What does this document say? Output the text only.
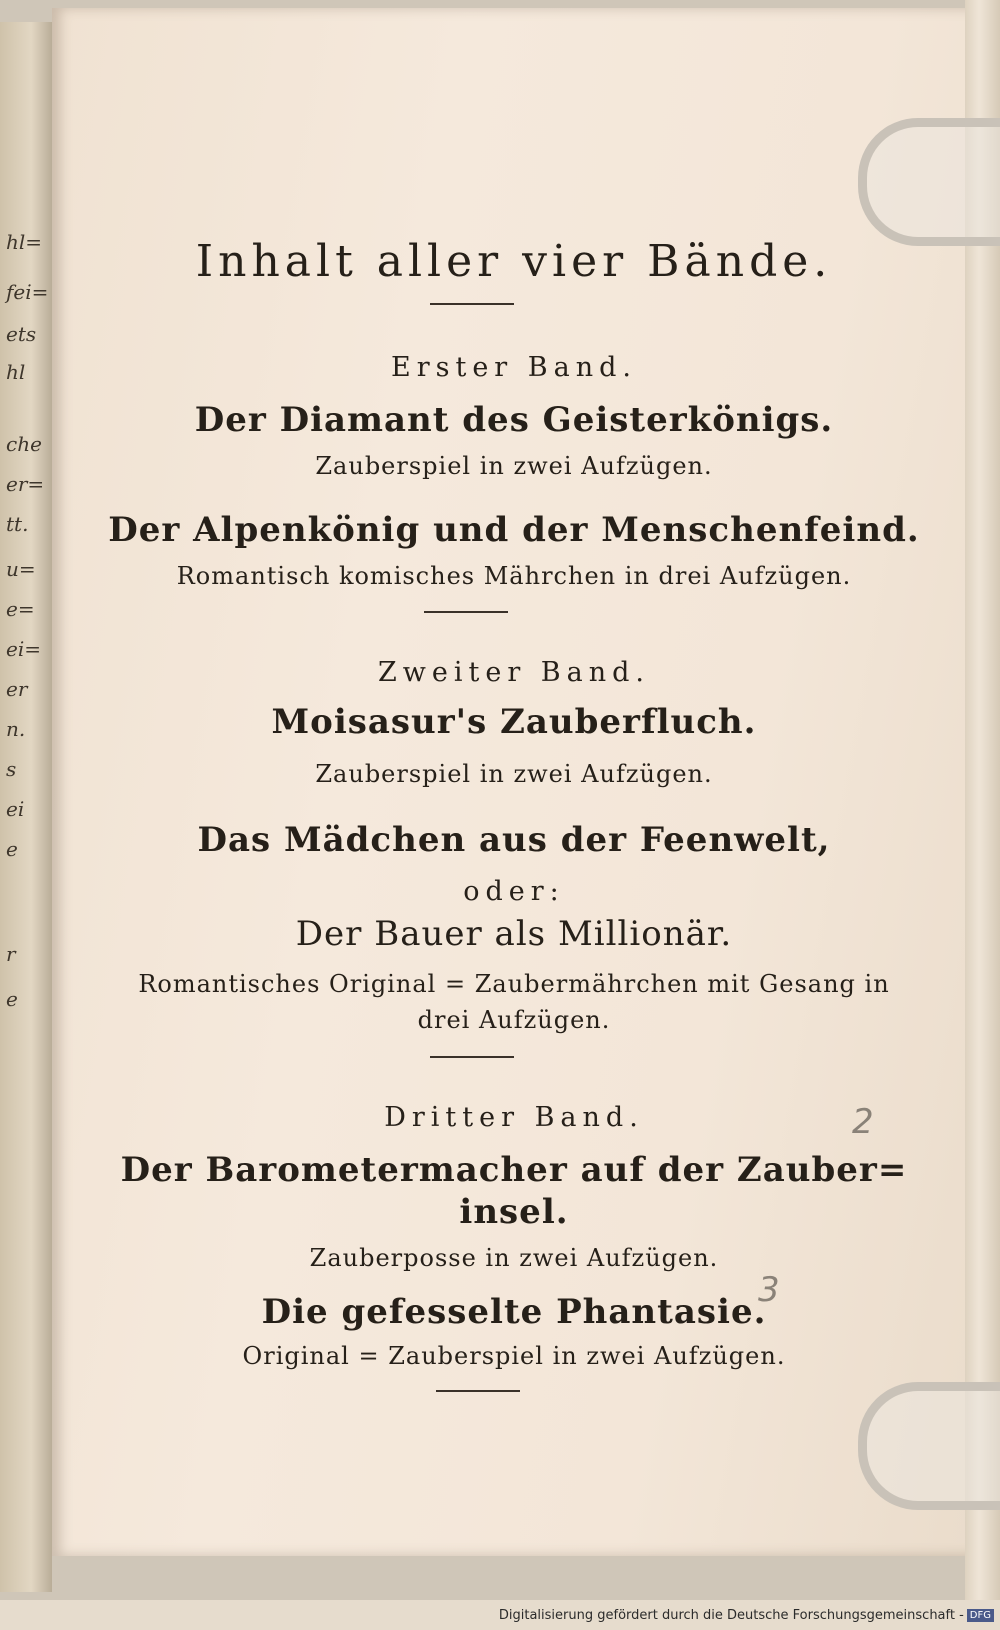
hl=
fei=
ets
hl
che
er=
tt.
u=
e=
ei=
er
n.
s
ei
e
r
e
Inhalt aller vier Bände.
Erster Band.
Der Diamant des Geisterkönigs.
Zauberspiel in zwei Aufzügen.
Der Alpenkönig und der Menschenfeind.
Romantisch komisches Mährchen in drei Aufzügen.
Zweiter Band.
Moisasur's Zauberfluch.
Zauberspiel in zwei Aufzügen.
Das Mädchen aus der Feenwelt,
oder:
Der Bauer als Millionär.
Romantisches Original = Zaubermährchen mit Gesang in
drei Aufzügen.
Dritter Band.
Der Barometermacher auf der Zauber=
insel.
Zauberposse in zwei Aufzügen.
Die gefesselte Phantasie.
Original = Zauberspiel in zwei Aufzügen.
2
3
Digitalisierung gefördert durch die Deutsche Forschungsgemeinschaft - DFG
